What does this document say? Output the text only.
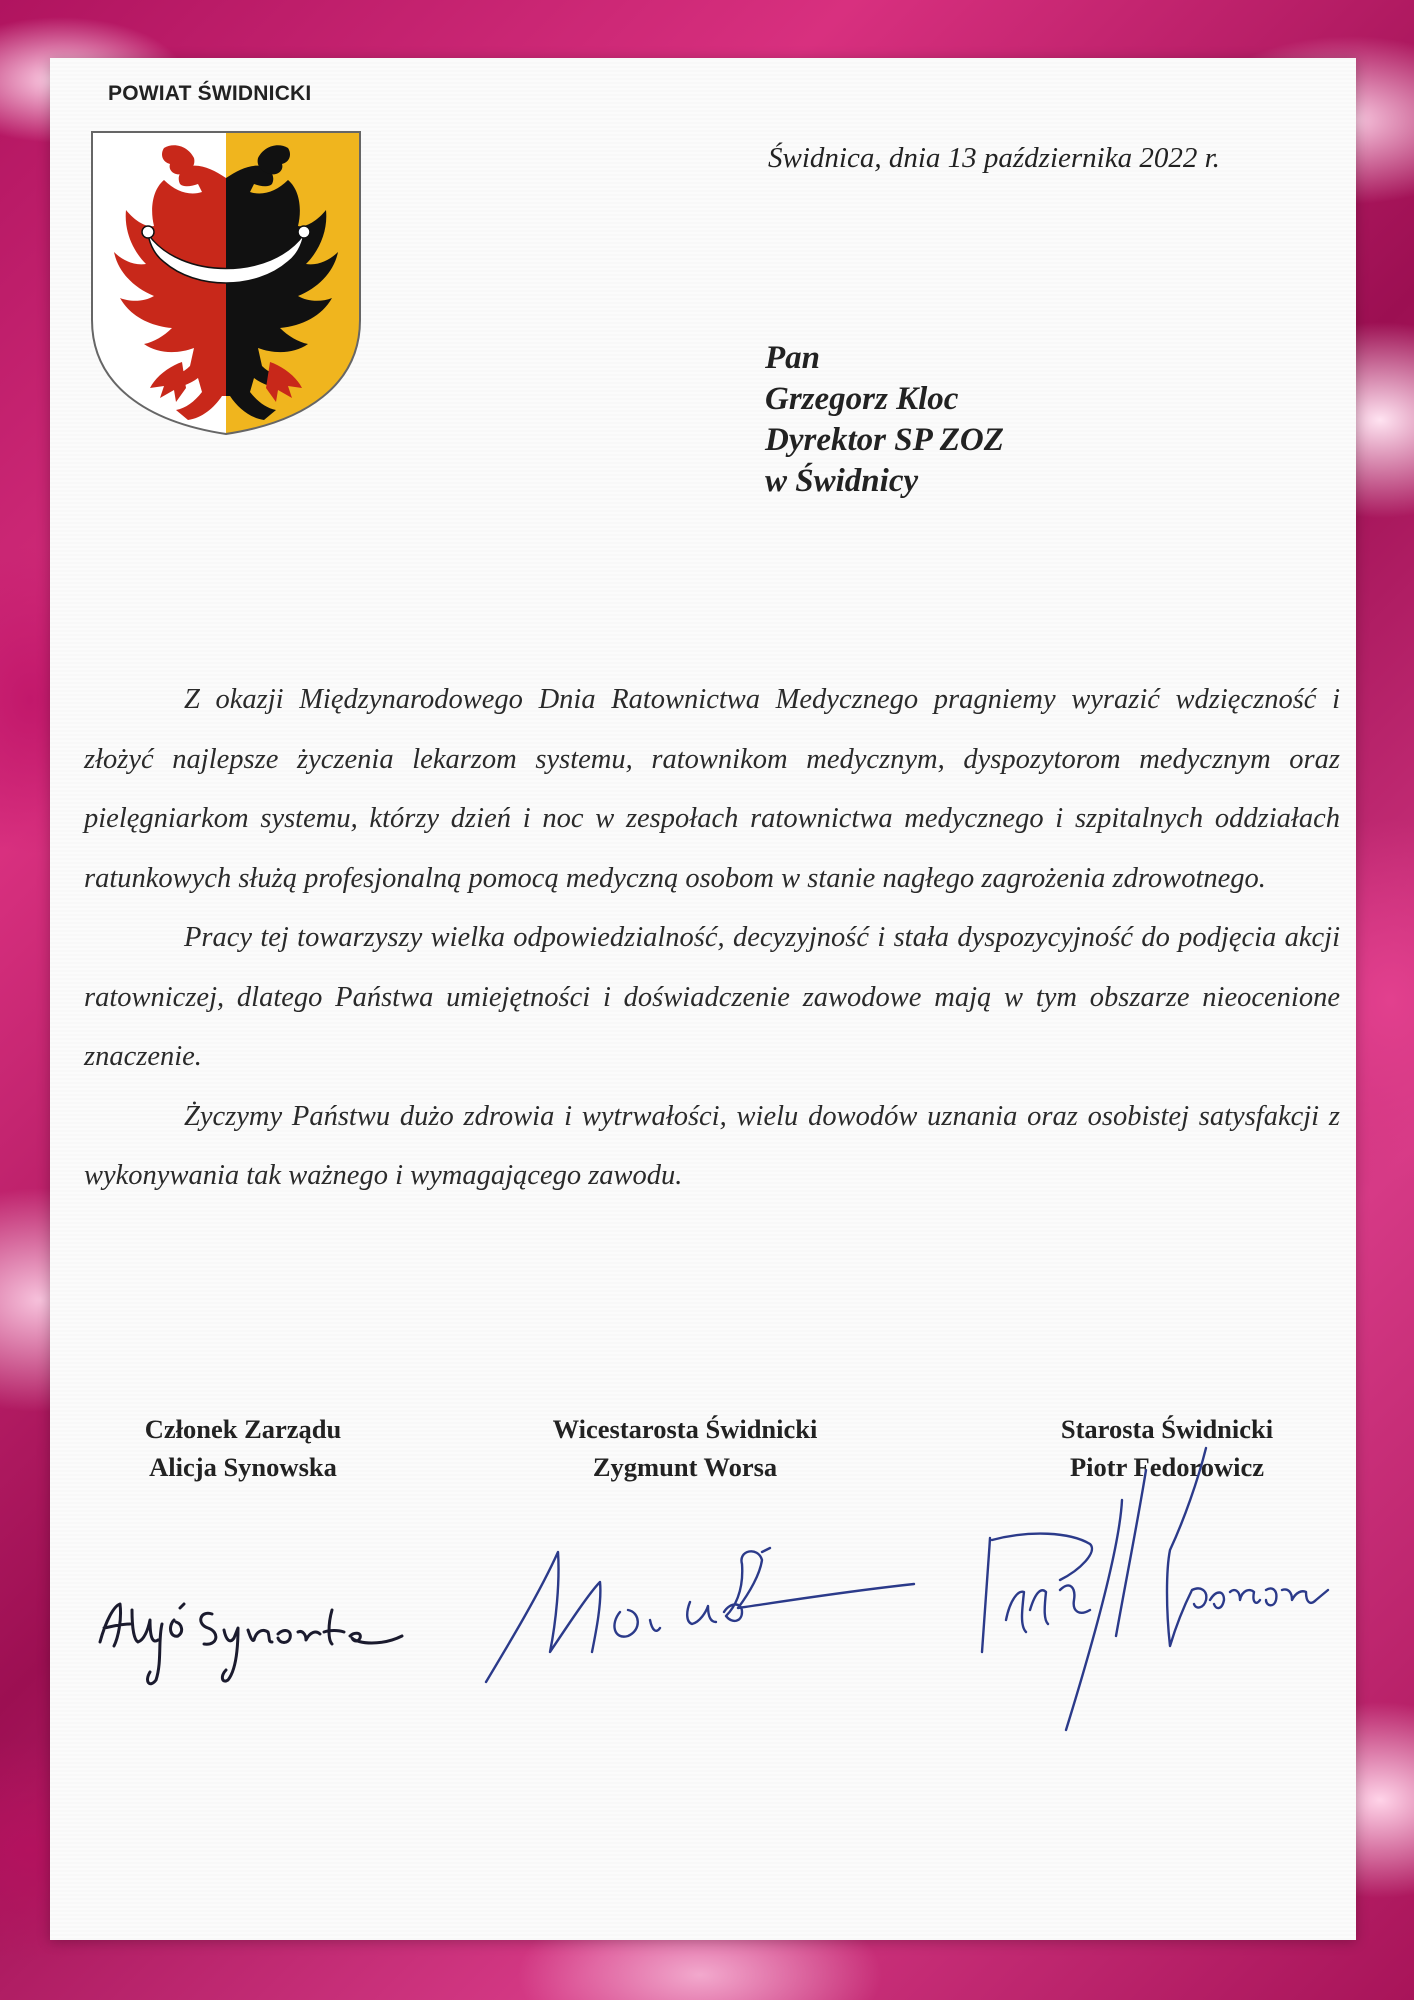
POWIAT ŚWIDNICKI
Świdnica, dnia 13 października 2022 r.
Pan
Grzegorz Kloc
Dyrektor SP ZOZ
w Świdnicy

Z okazji Międzynarodowego Dnia Ratownictwa Medycznego pragniemy wyrazić wdzięczność i złożyć najlepsze życzenia lekarzom systemu, ratownikom medycznym, dyspozytorom medycznym oraz pielęgniarkom systemu, którzy dzień i noc w zespołach ratownictwa medycznego i szpitalnych oddziałach ratunkowych służą profesjonalną pomocą medyczną osobom w stanie nagłego zagrożenia zdrowotnego.

Pracy tej towarzyszy wielka odpowiedzialność, decyzyjność i stała dyspozycyjność do podjęcia akcji ratowniczej, dlatego Państwa umiejętności i doświadczenie zawodowe mają w tym obszarze nieocenione znaczenie.

Życzymy Państwu dużo zdrowia i wytrwałości, wielu dowodów uznania oraz osobistej satysfakcji z wykonywania tak ważnego i wymagającego zawodu.

Członek Zarządu
Alicja Synowska
Wicestarosta Świdnicki
Zygmunt Worsa
Starosta Świdnicki
Piotr Fedorowicz
